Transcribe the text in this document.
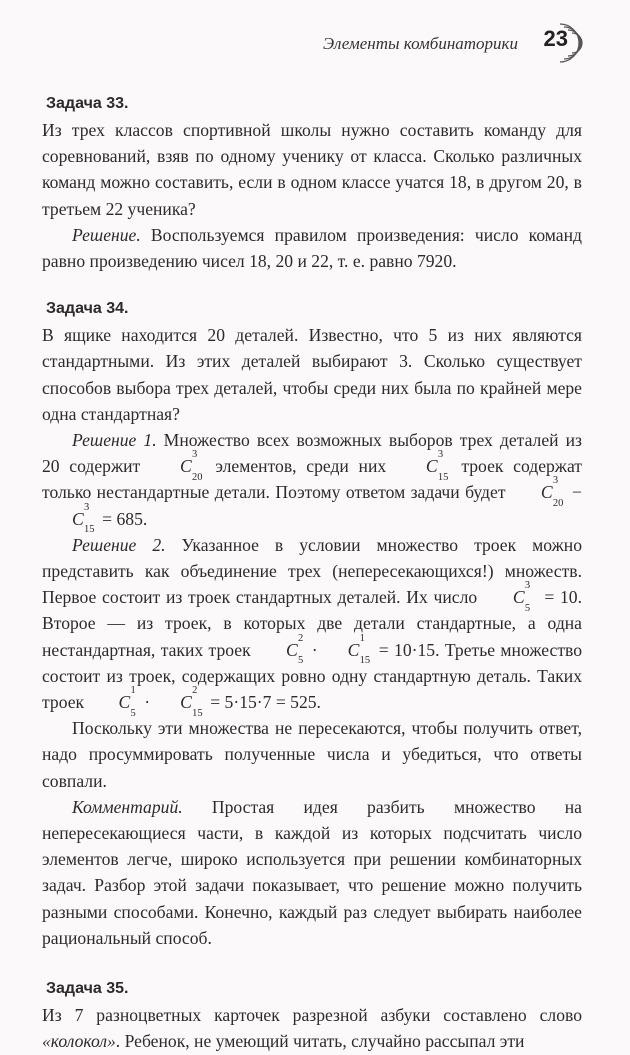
Элементы комбинаторики 23
Задача 33.

Из трех классов спортивной школы нужно составить команду для соревнований, взяв по одному ученику от класса. Сколько различных команд можно составить, если в одном классе учатся 18, в другом 20, в третьем 22 ученика?

Решение. Воспользуемся правилом произведения: число команд равно произведению чисел 18, 20 и 22, т. е. равно 7920.

Задача 34.

В ящике находится 20 деталей. Известно, что 5 из них являются стандартными. Из этих деталей выбирают 3. Сколько существует способов выбора трех деталей, чтобы среди них была по крайней мере одна стандартная?

Решение 1. Множество всех возможных выборов трех деталей из 20 содержит C
3
20
элементов, среди них C
3
15
троек содержат только нестандартные детали. Поэтому ответом задачи будет C
3
20
− C
3
15
= 685.

Решение 2. Указанное в условии множество троек можно представить как объединение трех (непересекающихся!) множеств. Первое состоит из троек стандартных деталей. Их число C
3
5
= 10. Второе — из троек, в которых две детали стандартные, а одна нестандартная, таких троек C
2
5
· C
1
15
= 10·15. Третье множество состоит из троек, содержащих ровно одну стандартную деталь. Таких троек C
1
5
· C
2
15
= 5·15·7 = 525.

Поскольку эти множества не пересекаются, чтобы получить ответ, надо просуммировать полученные числа и убедиться, что ответы совпали.

Комментарий. Простая идея разбить множество на непересекающиеся части, в каждой из которых подсчитать число элементов легче, широко используется при решении комбинаторных задач. Разбор этой задачи показывает, что решение можно получить разными способами. Конечно, каждый раз следует выбирать наиболее рациональный способ.

Задача 35.

Из 7 разноцветных карточек разрезной азбуки составлено слово «колокол». Ребенок, не умеющий читать, случайно рассыпал эти
